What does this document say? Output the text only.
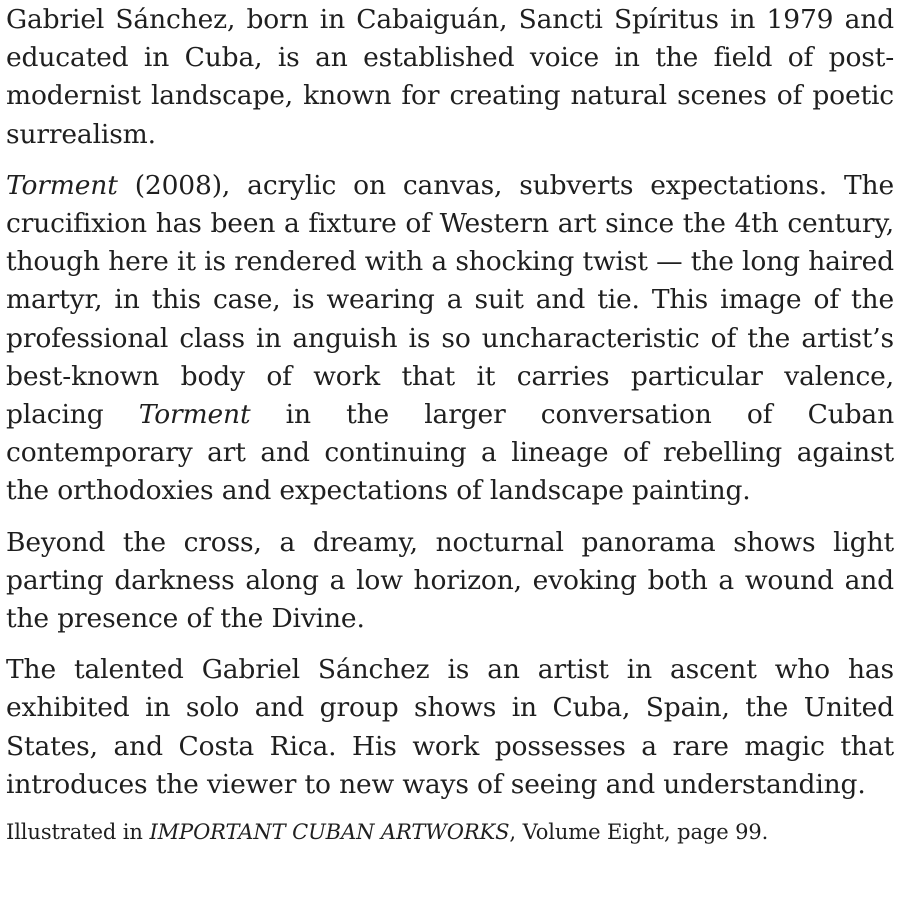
Gabriel Sánchez, born in Cabaiguán, Sancti Spíritus in 1979 and educated in Cuba, is an established voice in the field of post-modernist landscape, known for creating natural scenes of poetic surrealism.

Torment (2008), acrylic on canvas, subverts expectations. The crucifixion has been a fixture of Western art since the 4th century, though here it is rendered with a shocking twist — the long haired martyr, in this case, is wearing a suit and tie. This image of the professional class in anguish is so uncharacteristic of the artist’s best-known body of work that it carries particular valence, placing Torment in the larger conversation of Cuban contemporary art and continuing a lineage of rebelling against the orthodoxies and expectations of landscape painting.

Beyond the cross, a dreamy, nocturnal panorama shows light parting darkness along a low horizon, evoking both a wound and the presence of the Divine.

The talented Gabriel Sánchez is an artist in ascent who has exhibited in solo and group shows in Cuba, Spain, the United States, and Costa Rica. His work possesses a rare magic that introduces the viewer to new ways of seeing and understanding.

Illustrated in IMPORTANT CUBAN ARTWORKS, Volume Eight, page 99.
